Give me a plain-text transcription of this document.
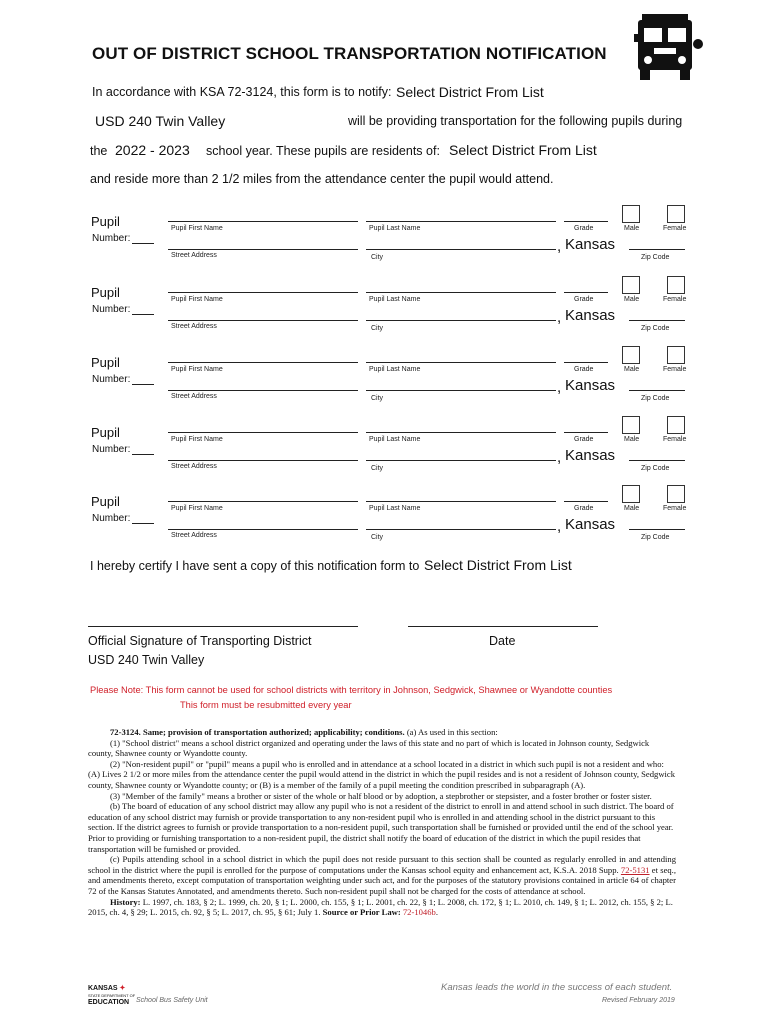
OUT OF DISTRICT SCHOOL TRANSPORTATION NOTIFICATION
In accordance with KSA 72-3124, this form is to notify: Select District From List
USD 240 Twin Valley	will be providing transportation for the following pupils during
the 2022 - 2023 school year. These pupils are residents of: Select District From List
and reside more than 2 1/2 miles from the attendance center the pupil would attend.
Pupil
Number:
Pupil First Name	Pupil Last Name	Grade	Male	Female
Street Address	City
, Kansas
Zip Code
Pupil
Number:
Pupil First Name	Pupil Last Name	Grade	Male	Female
Street Address	City
, Kansas
Zip Code
Pupil
Number:
Pupil First Name	Pupil Last Name	Grade	Male	Female
Street Address	City
, Kansas
Zip Code
Pupil
Number:
Pupil First Name	Pupil Last Name	Grade	Male	Female
Street Address	City
, Kansas
Zip Code
Pupil
Number:
Pupil First Name	Pupil Last Name	Grade	Male	Female
Street Address	City
, Kansas
Zip Code
I hereby certify I have sent a copy of this notification form to Select District From List
Official Signature of Transporting District	Date
USD 240 Twin Valley
Please Note: This form cannot be used for school districts with territory in Johnson, Sedgwick, Shawnee or Wyandotte counties
This form must be resubmitted every year

72-3124. Same; provision of transportation authorized; applicability; conditions. (a) As used in this section:

(1) "School district" means a school district organized and operating under the laws of this state and no part of which is located in Johnson county, Sedgwick county, Shawnee county or Wyandotte county.

(2) "Non-resident pupil" or "pupil" means a pupil who is enrolled and in attendance at a school located in a district in which such pupil is not a resident and who: (A) Lives 2 1/2 or more miles from the attendance center the pupil would attend in the district in which the pupil resides and is not a resident of Johnson county, Sedgwick county, Shawnee county or Wyandotte county; or (B) is a member of the family of a pupil meeting the condition prescribed in subparagraph (A).

(3) "Member of the family" means a brother or sister of the whole or half blood or by adoption, a stepbrother or stepsister, and a foster brother or foster sister.

(b) The board of education of any school district may allow any pupil who is not a resident of the district to enroll in and attend school in such district. The board of education of any school district may furnish or provide transportation to any non-resident pupil who is enrolled in and attending school in the district pursuant to this section. If the district agrees to furnish or provide transportation to a non-resident pupil, such transportation shall be furnished or provided until the end of the school year. Prior to providing or furnishing transportation to a non-resident pupil, the district shall notify the board of education of the district in which the pupil resides that transportation will be furnished or provided.

(c) Pupils attending school in a school district in which the pupil does not reside pursuant to this section shall be counted as regularly enrolled in and attending school in the district where the pupil is enrolled for the purpose of computations under the Kansas school equity and enhancement act, K.S.A. 2018 Supp. 72-5131 et seq., and amendments thereto, except computation of transportation weighting under such act, and for the purposes of the statutory provisions contained in article 64 of chapter 72 of the Kansas Statutes Annotated, and amendments thereto. Such non-resident pupil shall not be charged for the costs of attendance at school.

History: L. 1997, ch. 183, § 2; L. 1999, ch. 20, § 1; L. 2000, ch. 155, § 1; L. 2001, ch. 22, § 1; L. 2008, ch. 172, § 1; L. 2010, ch. 149, § 1; L. 2012, ch. 155, § 2; L. 2015, ch. 4, § 29; L. 2015, ch. 92, § 5; L. 2017, ch. 95, § 61; July 1. Source or Prior Law: 72-1046b.

KANSAS ✦
STATE DEPARTMENT OF
EDUCATION School Bus Safety Unit
Kansas leads the world in the success of each student.
Revised February 2019
